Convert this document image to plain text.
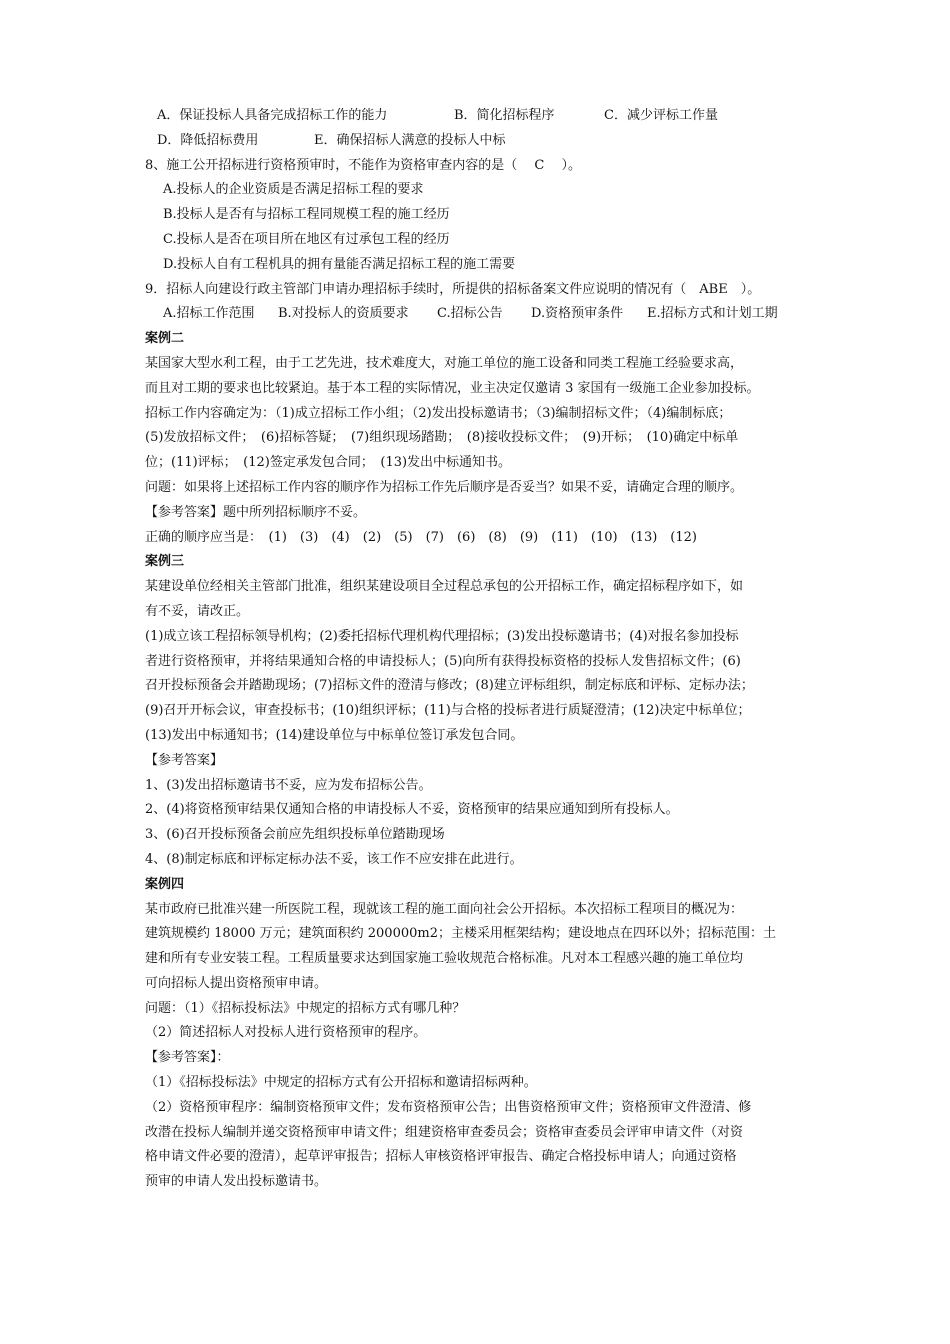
A．保证投标人具备完成招标工作的能力	B．简化招标程序	C．减少评标工作量
D．降低招标费用	E．确保招标人满意的投标人中标
8、施工公开招标进行资格预审时，不能作为资格审查内容的是（　 C　 ）。
A.投标人的企业资质是否满足招标工程的要求
B.投标人是否有与招标工程同规模工程的施工经历
C.投标人是否在项目所在地区有过承包工程的经历
D.投标人自有工程机具的拥有量能否满足招标工程的施工需要
9．招标人向建设行政主管部门申请办理招标手续时，所提供的招标备案文件应说明的情况有（　ABE　）。
A.招标工作范围 B.对投标人的资质要求 C.招标公告 D.资格预审条件 E.招标方式和计划工期
案例二
某国家大型水利工程，由于工艺先进，技术难度大，对施工单位的施工设备和同类工程施工经验要求高，
而且对工期的要求也比较紧迫。基于本工程的实际情况，业主决定仅邀请 3 家国有一级施工企业参加投标。
招标工作内容确定为：（1)成立招标工作小组；（2)发出投标邀请书；（3)编制招标文件；（4)编制标底；
(5)发放招标文件；　(6)招标答疑；　(7)组织现场踏勘；　(8)接收投标文件；　(9)开标；　(10)确定中标单
位；(11)评标；　(12)签定承发包合同；　(13)发出中标通知书。
问题：如果将上述招标工作内容的顺序作为招标工作先后顺序是否妥当？如果不妥，请确定合理的顺序。
【参考答案】题中所列招标顺序不妥。
正确的顺序应当是：　(1)　(3)　(4)　(2)　(5)　(7)　(6)　(8)　(9)　(11)　(10)　(13)　(12)
案例三
某建设单位经相关主管部门批准，组织某建设项目全过程总承包的公开招标工作，确定招标程序如下，如
有不妥，请改正。
(1)成立该工程招标领导机构；(2)委托招标代理机构代理招标；(3)发出投标邀请书；(4)对报名参加投标
者进行资格预审，并将结果通知合格的申请投标人；(5)向所有获得投标资格的投标人发售招标文件；(6)
召开投标预备会并踏勘现场；(7)招标文件的澄清与修改；(8)建立评标组织，制定标底和评标、定标办法；
(9)召开开标会议，审查投标书；(10)组织评标；(11)与合格的投标者进行质疑澄清；(12)决定中标单位；
(13)发出中标通知书；(14)建设单位与中标单位签订承发包合同。
【参考答案】
1、(3)发出招标邀请书不妥，应为发布招标公告。
2、(4)将资格预审结果仅通知合格的申请投标人不妥，资格预审的结果应通知到所有投标人。
3、(6)召开投标预备会前应先组织投标单位踏勘现场
4、(8)制定标底和评标定标办法不妥，该工作不应安排在此进行。
案例四
某市政府已批准兴建一所医院工程，现就该工程的施工面向社会公开招标。本次招标工程项目的概况为：
建筑规模约 18000 万元；建筑面积约 200000m2；主楼采用框架结构；建设地点在四环以外；招标范围：土
建和所有专业安装工程。工程质量要求达到国家施工验收规范合格标准。凡对本工程感兴趣的施工单位均
可向招标人提出资格预审申请。
问题：（1）《招标投标法》中规定的招标方式有哪几种？
（2）简述招标人对投标人进行资格预审的程序。
【参考答案】：
（1）《招标投标法》中规定的招标方式有公开招标和邀请招标两种。
（2）资格预审程序：编制资格预审文件；发布资格预审公告；出售资格预审文件；资格预审文件澄清、修
改潜在投标人编制并递交资格预审申请文件；组建资格审查委员会；资格审查委员会评审申请文件（对资
格申请文件必要的澄清），起草评审报告；招标人审核资格评审报告、确定合格投标申请人；向通过资格
预审的申请人发出投标邀请书。
